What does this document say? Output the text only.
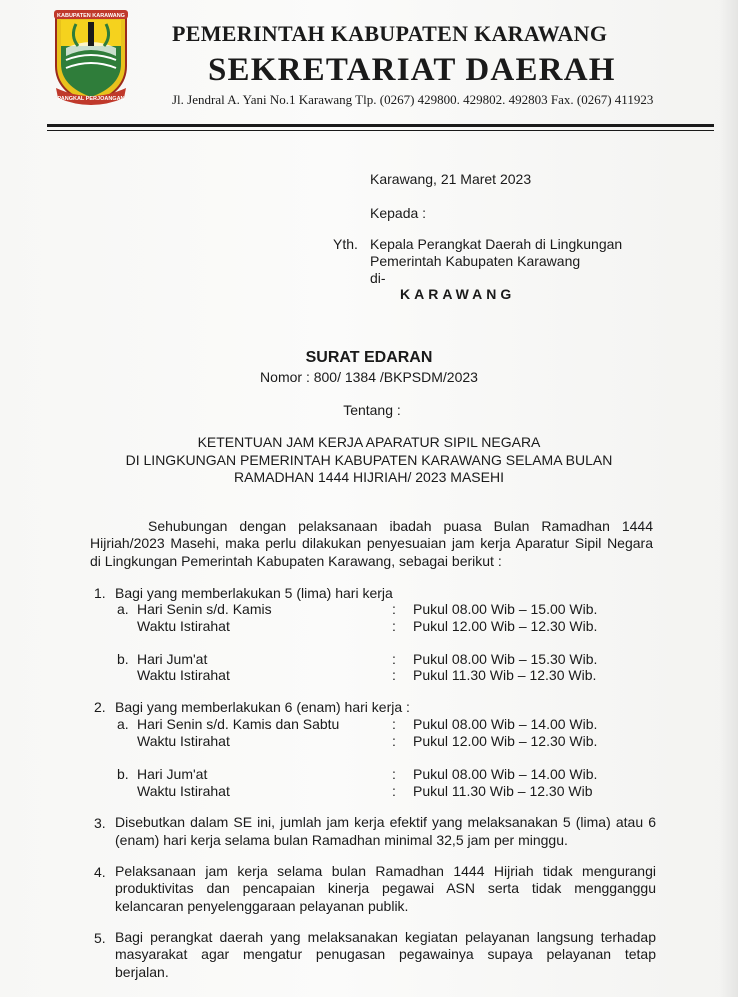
KABUPATEN KARAWANG
PANGKAL PERJOANGAN
PEMERINTAH KABUPATEN KARAWANG
SEKRETARIAT DAERAH
Jl. Jendral A. Yani No.1 Karawang Tlp. (0267) 429800. 429802. 492803 Fax. (0267) 411923
Karawang, 21 Maret 2023
Kepada :
Yth. Kepala Perangkat Daerah di Lingkungan
Pemerintah Kabupaten Karawang
di-
KARAWANG
SURAT EDARAN
Nomor : 800/ 1384 /BKPSDM/2023
Tentang :
KETENTUAN JAM KERJA APARATUR SIPIL NEGARA
DI LINGKUNGAN PEMERINTAH KABUPATEN KARAWANG SELAMA BULAN
RAMADHAN 1444 HIJRIAH/ 2023 MASEHI
Sehubungan dengan pelaksanaan ibadah puasa Bulan Ramadhan 1444
Hijriah/2023 Masehi, maka perlu dilakukan penyesuaian jam kerja Aparatur Sipil Negara
di Lingkungan Pemerintah Kabupaten Karawang, sebagai berikut :
1. Bagi yang memberlakukan 5 (lima) hari kerja
a. Hari Senin s/d. Kamis	: Pukul 08.00 Wib – 15.00 Wib.
Waktu Istirahat	: Pukul 12.00 Wib – 12.30 Wib.
b. Hari Jum'at	: Pukul 08.00 Wib – 15.30 Wib.
Waktu Istirahat	: Pukul 11.30 Wib – 12.30 Wib.
2. Bagi yang memberlakukan 6 (enam) hari kerja :
a. Hari Senin s/d. Kamis dan Sabtu	: Pukul 08.00 Wib – 14.00 Wib.
Waktu Istirahat	: Pukul 12.00 Wib – 12.30 Wib.
b. Hari Jum'at	: Pukul 08.00 Wib – 14.00 Wib.
Waktu Istirahat	: Pukul 11.30 Wib – 12.30 Wib
3. Disebutkan dalam SE ini, jumlah jam kerja efektif yang melaksanakan 5 (lima) atau 6
(enam) hari kerja selama bulan Ramadhan minimal 32,5 jam per minggu.
4. Pelaksanaan jam kerja selama bulan Ramadhan 1444 Hijriah tidak mengurangi
produktivitas dan pencapaian kinerja pegawai ASN serta tidak mengganggu
kelancaran penyelenggaraan pelayanan publik.
5. Bagi perangkat daerah yang melaksanakan kegiatan pelayanan langsung terhadap
masyarakat agar mengatur penugasan pegawainya supaya pelayanan tetap
berjalan.
